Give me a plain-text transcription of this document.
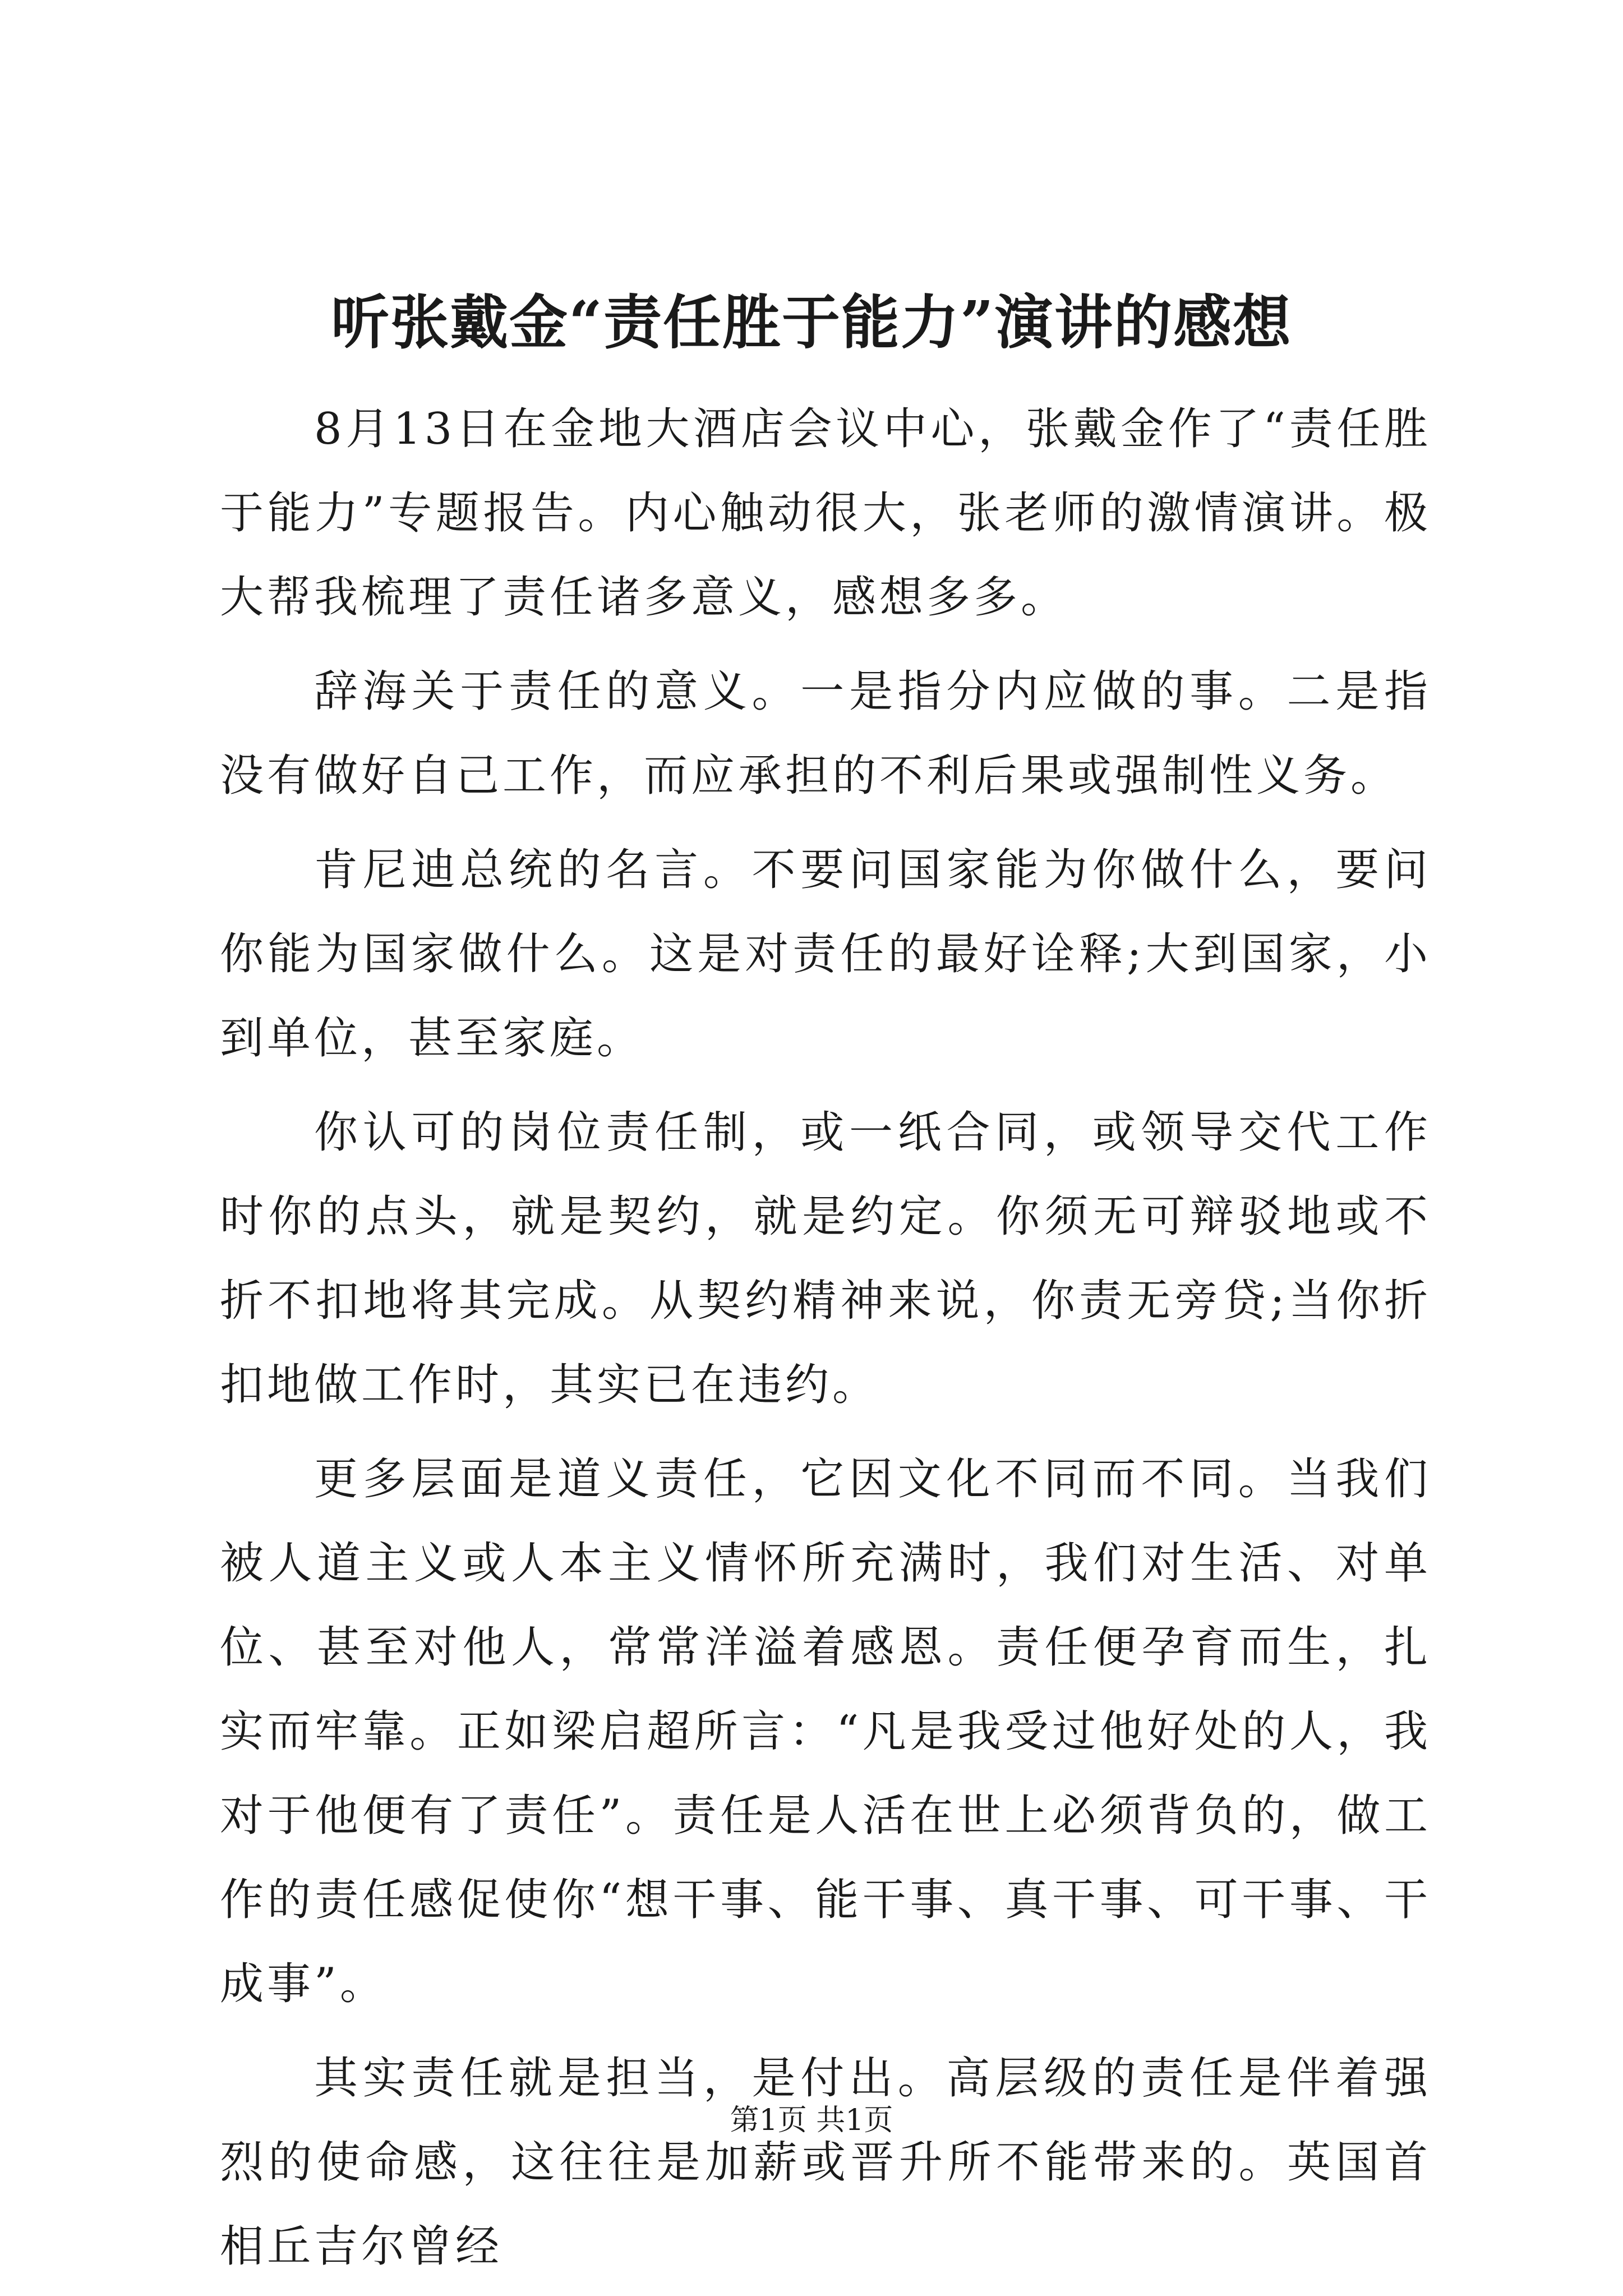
听张戴金“责任胜于能力”演讲的感想

8月13日在金地大酒店会议中心，张戴金作了“责任胜于能力”专题报告。内心触动很大，张老师的激情演讲。极大帮我梳理了责任诸多意义，感想多多。

辞海关于责任的意义。一是指分内应做的事。二是指没有做好自己工作，而应承担的不利后果或强制性义务。

肯尼迪总统的名言。不要问国家能为你做什么，要问你能为国家做什么。这是对责任的最好诠释;大到国家，小到单位，甚至家庭。

你认可的岗位责任制，或一纸合同，或领导交代工作时你的点头，就是契约，就是约定。你须无可辩驳地或不折不扣地将其完成。从契约精神来说，你责无旁贷;当你折扣地做工作时，其实已在违约。

更多层面是道义责任，它因文化不同而不同。当我们被人道主义或人本主义情怀所充满时，我们对生活、对单位、甚至对他人，常常洋溢着感恩。责任便孕育而生，扎实而牢靠。正如梁启超所言：“凡是我受过他好处的人，我对于他便有了责任”。责任是人活在世上必须背负的，做工作的责任感促使你“想干事、能干事、真干事、可干事、干成事”。

其实责任就是担当，是付出。高层级的责任是伴着强烈的使命感，这往往是加薪或晋升所不能带来的。英国首相丘吉尔曾经

第1页 共1页
